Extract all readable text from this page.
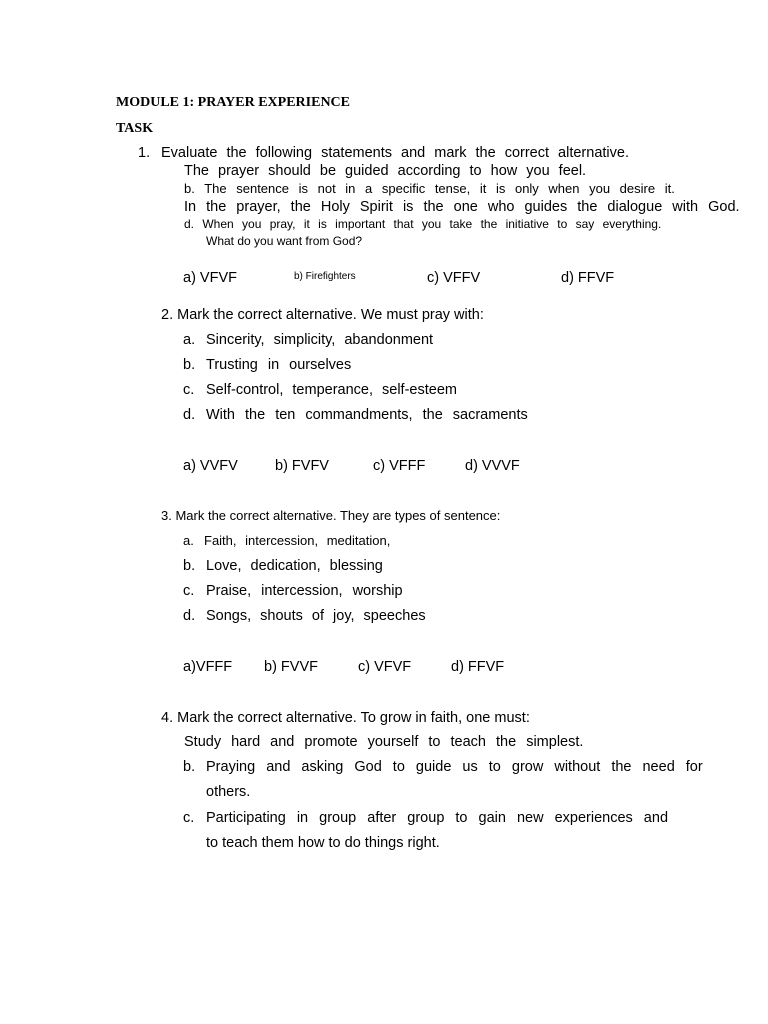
MODULE 1: PRAYER EXPERIENCE
TASK
1. Evaluate the following statements and mark the correct alternative.
The prayer should be guided according to how you feel.
b. The sentence is not in a specific tense, it is only when you desire it.
In the prayer, the Holy Spirit is the one who guides the dialogue with God.
d. When you pray, it is important that you take the initiative to say everything.
What do you want from God?
a) VFVF	b) Firefighters	c) VFFV	d) FFVF
2. Mark the correct alternative. We must pray with:
a. Sincerity, simplicity, abandonment
b. Trusting in ourselves
c. Self-control, temperance, self-esteem
d. With the ten commandments, the sacraments
a) VVFV	b) FVFV	c) VFFF	d) VVVF
3. Mark the correct alternative. They are types of sentence:
a. Faith, intercession, meditation,
b. Love, dedication, blessing
c. Praise, intercession, worship
d. Songs, shouts of joy, speeches
a)VFFF b) FVVF	c) VFVF	d) FFVF
4. Mark the correct alternative. To grow in faith, one must:
Study hard and promote yourself to teach the simplest.
b. Praying and asking God to guide us to grow without the need for
others.
c. Participating in group after group to gain new experiences and
to teach them how to do things right.
